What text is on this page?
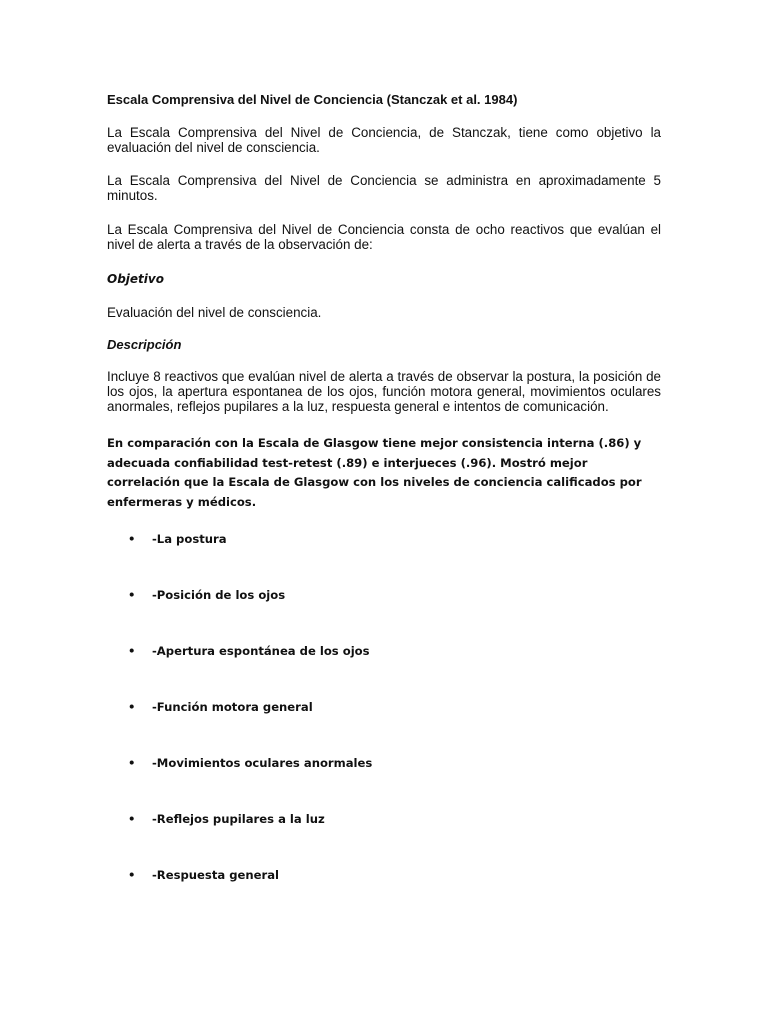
Escala Comprensiva del Nivel de Conciencia (Stanczak et al. 1984)
La Escala Comprensiva del Nivel de Conciencia, de Stanczak, tiene como objetivo la evaluación del nivel de consciencia.
La Escala Comprensiva del Nivel de Conciencia se administra en aproximadamente 5 minutos.
La Escala Comprensiva del Nivel de Conciencia consta de ocho reactivos que evalúan el nivel de alerta a través de la observación de:
Objetivo
Evaluación del nivel de consciencia.
Descripción
Incluye 8 reactivos que evalúan nivel de alerta a través de observar la postura, la posición de los ojos, la apertura espontanea de los ojos, función motora general, movimientos oculares anormales, reflejos pupilares a la luz, respuesta general e intentos de comunicación.
En comparación con la Escala de Glasgow tiene mejor consistencia interna (.86) y adecuada confiabilidad test-retest (.89) e interjueces (.96). Mostró mejor correlación que la Escala de Glasgow con los niveles de conciencia calificados por enfermeras y médicos.
• -La postura
• -Posición de los ojos
• -Apertura espontánea de los ojos
• -Función motora general
• -Movimientos oculares anormales
• -Reflejos pupilares a la luz
• -Respuesta general
